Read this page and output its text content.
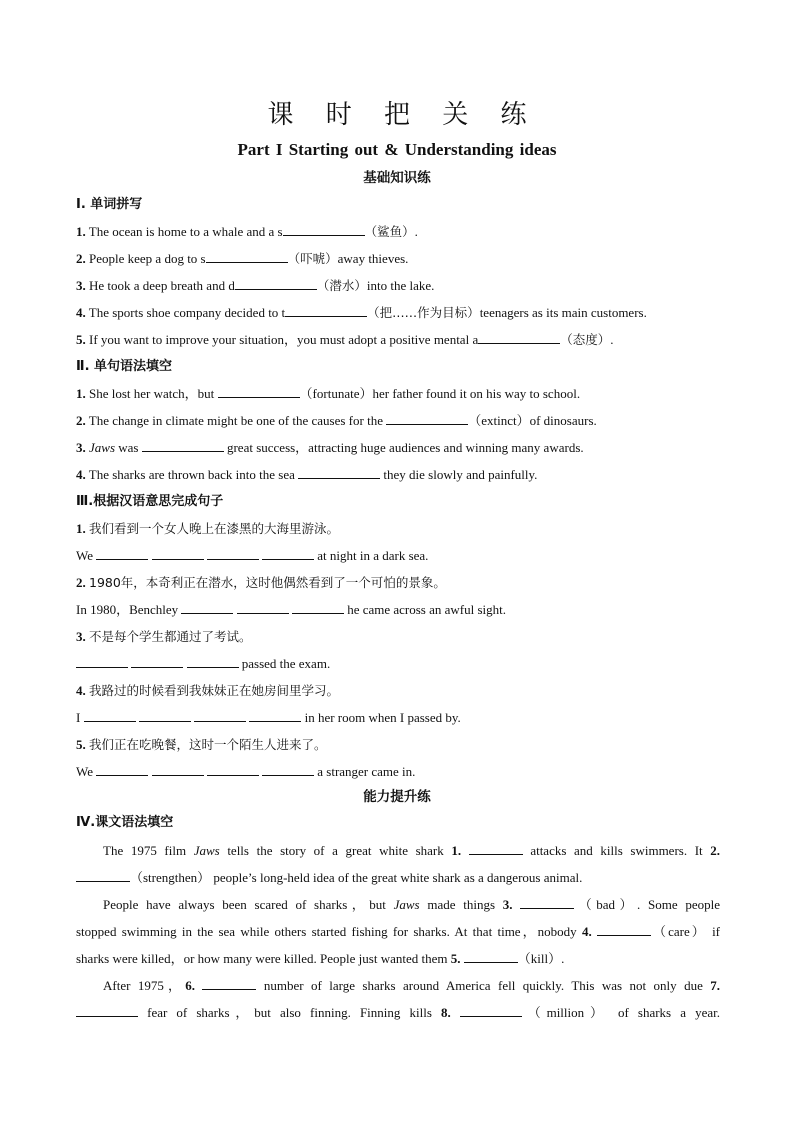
课 时 把 关 练
Part I Starting out & Understanding ideas
基础知识练
Ⅰ. 单词拼写
1. The ocean is home to a whale and a s	（鲨鱼）.
2. People keep a dog to s	（吓唬）away thieves.
3. He took a deep breath and d	（潜水）into the lake.
4. The sports shoe company decided to t	（把……作为目标）teenagers as its main customers.
5. If you want to improve your situation，you must adopt a positive mental a	（态度）.
Ⅱ. 单句语法填空
1. She lost her watch，but	（fortunate）her father found it on his way to school.
2. The change in climate might be one of the causes for the	（extinct）of dinosaurs.
3. Jaws was	great success，attracting huge audiences and winning many awards.
4. The sharks are thrown back into the sea	they die slowly and painfully.
Ⅲ.根据汉语意思完成句子
1. 我们看到一个女人晚上在漆黑的大海里游泳。
We	at night in a dark sea.
2. 1980年，本奇利正在潜水，这时他偶然看到了一个可怕的景象。
In 1980，Benchley	he came across an awful sight.
3. 不是每个学生都通过了考试。
passed the exam.
4. 我路过的时候看到我妹妹正在她房间里学习。
I	in her room when I passed by.
5. 我们正在吃晚餐，这时一个陌生人进来了。
We	a stranger came in.
能力提升练
Ⅳ.课文语法填空
The 1975 film Jaws tells the story of a great white shark 1.	attacks and kills swimmers. It 2.
（strengthen） people’s long-held idea of the great white shark as a dangerous animal.
People have always been scared of sharks，but Jaws made things 3.	（bad）. Some people
stopped swimming in the sea while others started fishing for sharks. At that time，nobody 4.	（care） if
sharks were killed，or how many were killed. People just wanted them 5.	（kill）.
After 1975，6.	number of large sharks around America fell quickly. This was not only due 7.
fear of sharks，but also finning. Finning kills 8.	（million） of sharks a year.
